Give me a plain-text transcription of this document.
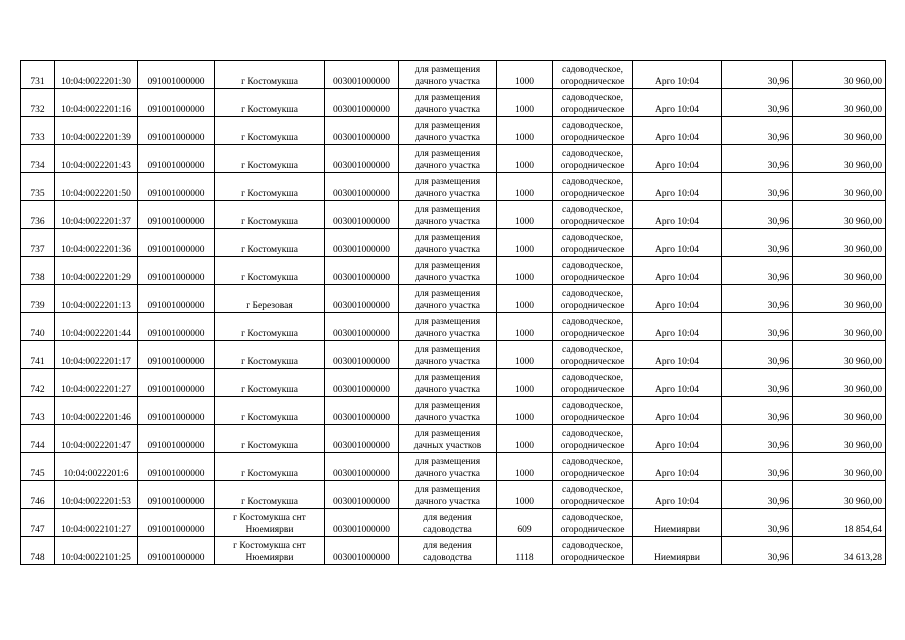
731	10:04:0022201:30	091001000000	г Костомукша	003001000000	для размещения дачного участка	1000	садоводческое, огородническое	Арго 10:04	30,96	30 960,00
732	10:04:0022201:16	091001000000	г Костомукша	003001000000	для размещения дачного участка	1000	садоводческое, огородническое	Арго 10:04	30,96	30 960,00
733	10:04:0022201:39	091001000000	г Костомукша	003001000000	для размещения дачного участка	1000	садоводческое, огородническое	Арго 10:04	30,96	30 960,00
734	10:04:0022201:43	091001000000	г Костомукша	003001000000	для размещения дачного участка	1000	садоводческое, огородническое	Арго 10:04	30,96	30 960,00
735	10:04:0022201:50	091001000000	г Костомукша	003001000000	для размещения дачного участка	1000	садоводческое, огородническое	Арго 10:04	30,96	30 960,00
736	10:04:0022201:37	091001000000	г Костомукша	003001000000	для размещения дачного участка	1000	садоводческое, огородническое	Арго 10:04	30,96	30 960,00
737	10:04:0022201:36	091001000000	г Костомукша	003001000000	для размещения дачного участка	1000	садоводческое, огородническое	Арго 10:04	30,96	30 960,00
738	10:04:0022201:29	091001000000	г Костомукша	003001000000	для размещения дачного участка	1000	садоводческое, огородническое	Арго 10:04	30,96	30 960,00
739	10:04:0022201:13	091001000000	г Березовая	003001000000	для размещения дачного участка	1000	садоводческое, огородническое	Арго 10:04	30,96	30 960,00
740	10:04:0022201:44	091001000000	г Костомукша	003001000000	для размещения дачного участка	1000	садоводческое, огородническое	Арго 10:04	30,96	30 960,00
741	10:04:0022201:17	091001000000	г Костомукша	003001000000	для размещения дачного участка	1000	садоводческое, огородническое	Арго 10:04	30,96	30 960,00
742	10:04:0022201:27	091001000000	г Костомукша	003001000000	для размещения дачного участка	1000	садоводческое, огородническое	Арго 10:04	30,96	30 960,00
743	10:04:0022201:46	091001000000	г Костомукша	003001000000	для размещения дачного участка	1000	садоводческое, огородническое	Арго 10:04	30,96	30 960,00
744	10:04:0022201:47	091001000000	г Костомукша	003001000000	для размещения дачных участков	1000	садоводческое, огородническое	Арго 10:04	30,96	30 960,00
745	10:04:0022201:6	091001000000	г Костомукша	003001000000	для размещения дачного участка	1000	садоводческое, огородническое	Арго 10:04	30,96	30 960,00
746	10:04:0022201:53	091001000000	г Костомукша	003001000000	для размещения дачного участка	1000	садоводческое, огородническое	Арго 10:04	30,96	30 960,00
747	10:04:0022101:27	091001000000	г Костомукша снт Нюемиярви	003001000000	для ведения садоводства	609	садоводческое, огородническое	Ниемиярви	30,96	18 854,64
748	10:04:0022101:25	091001000000	г Костомукша снт Нюемиярви	003001000000	для ведения садоводства	1118	садоводческое, огородническое	Ниемиярви	30,96	34 613,28
